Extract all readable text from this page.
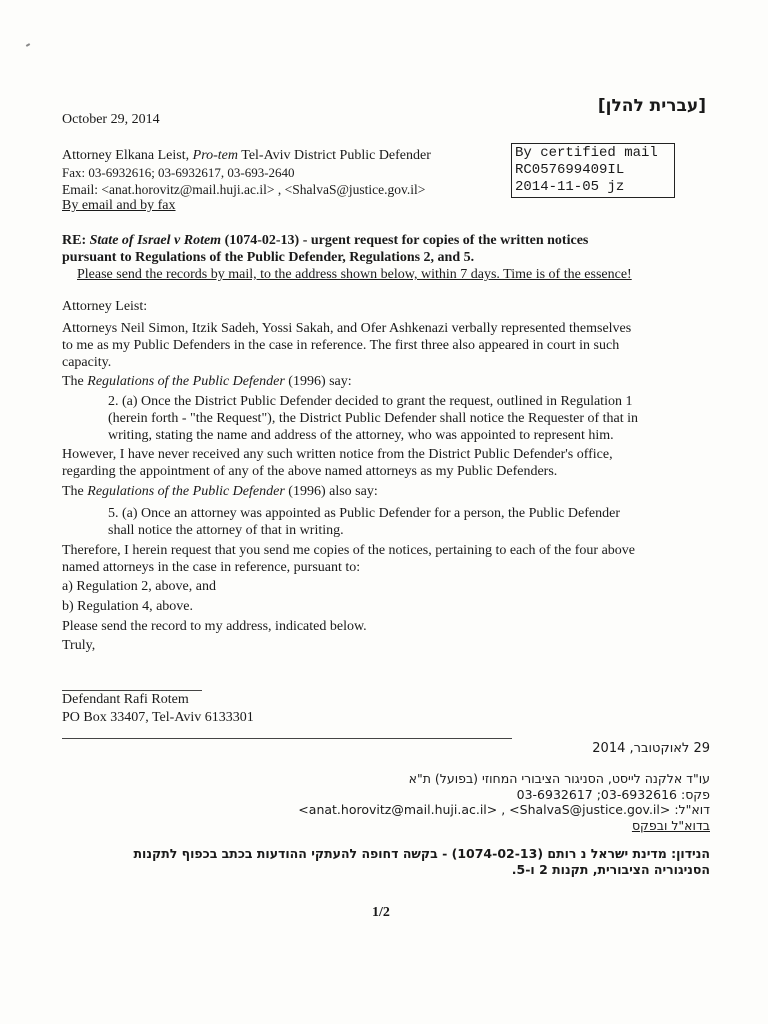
[עברית להלן]
October 29, 2014
Attorney Elkana Leist, Pro-tem Tel-Aviv District Public Defender
Fax: 03-6932616; 03-6932617, 03-693-2640
Email: <anat.horovitz@mail.huji.ac.il> , <ShalvaS@justice.gov.il>
By email and by fax
By certified mail
RC057699409IL
2014-11-05 jz
RE: State of Israel v Rotem (1074-02-13) - urgent request for copies of the written notices
pursuant to Regulations of the Public Defender, Regulations 2, and 5.
Please send the records by mail, to the address shown below, within 7 days. Time is of the essence!
Attorney Leist:
Attorneys Neil Simon, Itzik Sadeh, Yossi Sakah, and Ofer Ashkenazi verbally represented themselves
to me as my Public Defenders in the case in reference. The first three also appeared in court in such
capacity.
The Regulations of the Public Defender (1996) say:
2. (a) Once the District Public Defender decided to grant the request, outlined in Regulation 1
(herein forth - "the Request"), the District Public Defender shall notice the Requester of that in
writing, stating the name and address of the attorney, who was appointed to represent him.
However, I have never received any such written notice from the District Public Defender's office,
regarding the appointment of any of the above named attorneys as my Public Defenders.
The Regulations of the Public Defender (1996) also say:
5. (a) Once an attorney was appointed as Public Defender for a person, the Public Defender
shall notice the attorney of that in writing.
Therefore, I herein request that you send me copies of the notices, pertaining to each of the four above
named attorneys in the case in reference, pursuant to:
a) Regulation 2, above, and
b) Regulation 4, above.
Please send the record to my address, indicated below.
Truly,
Defendant Rafi Rotem
PO Box 33407, Tel-Aviv 6133301
29 לאוקטובר, 2014
עו"ד אלקנה לייסט, הסניגור הציבורי המחוזי (בפועל) ת"א
פקס: 03-6932616; 03-6932617
דוא"ל: <anat.horovitz@mail.huji.ac.il> , <ShalvaS@justice.gov.il>
בדוא"ל ובפקס
הנידון: מדינת ישראל נ רותם (1074-02-13) - בקשה דחופה להעתקי ההודעות בכתב בכפוף לתקנות
הסניגוריה הציבורית, תקנות 2 ו-5.
1/2
